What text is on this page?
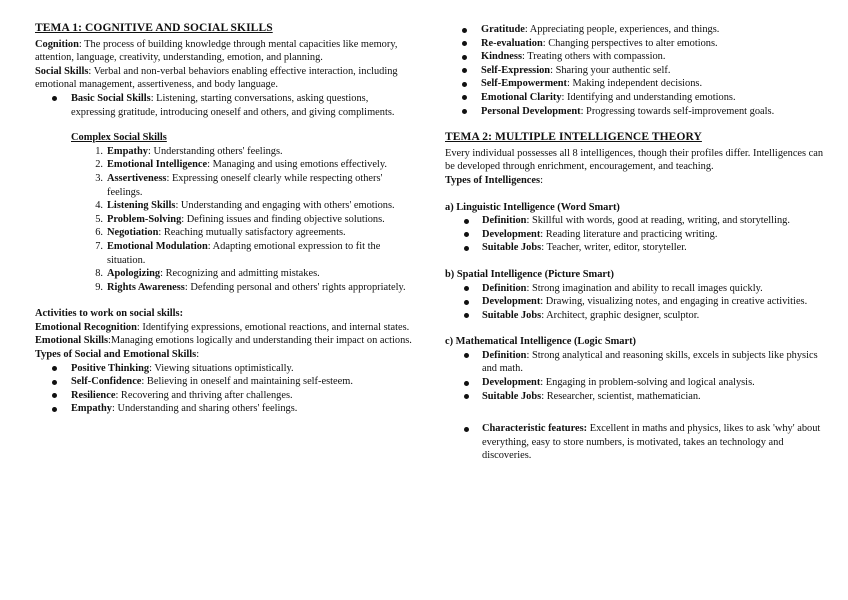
TEMA 1: COGNITIVE AND SOCIAL SKILLS

Cognition: The process of building knowledge through mental capacities like memory, attention, language, creativity, understanding, emotion, and planning.

Social Skills: Verbal and non-verbal behaviors enabling effective interaction, including emotional management, assertiveness, and body language.

Basic Social Skills: Listening, starting conversations, asking questions, expressing gratitude, introducing oneself and others, and giving compliments.
Complex Social Skills
1. Empathy: Understanding others' feelings.
2. Emotional Intelligence: Managing and using emotions effectively.
3. Assertiveness: Expressing oneself clearly while respecting others' feelings.
4. Listening Skills: Understanding and engaging with others' emotions.
5. Problem-Solving: Defining issues and finding objective solutions.
6. Negotiation: Reaching mutually satisfactory agreements.
7. Emotional Modulation: Adapting emotional expression to fit the situation.
8. Apologizing: Recognizing and admitting mistakes.
9. Rights Awareness: Defending personal and others' rights appropriately.
Activities to work on social skills:

Emotional Recognition: Identifying expressions, emotional reactions, and internal states.

Emotional Skills:Managing emotions logically and understanding their impact on actions.

Types of Social and Emotional Skills:

Positive Thinking: Viewing situations optimistically.
Self-Confidence: Believing in oneself and maintaining self-esteem.
Resilience: Recovering and thriving after challenges.
Empathy: Understanding and sharing others' feelings.
Gratitude: Appreciating people, experiences, and things.
Re-evaluation: Changing perspectives to alter emotions.
Kindness: Treating others with compassion.
Self-Expression: Sharing your authentic self.
Self-Empowerment: Making independent decisions.
Emotional Clarity: Identifying and understanding emotions.
Personal Development: Progressing towards self-improvement goals.
TEMA 2: MULTIPLE INTELLIGENCE THEORY

Every individual possesses all 8 intelligences, though their profiles differ. Intelligences can be developed through enrichment, encouragement, and teaching.

Types of Intelligences:

a) Linguistic Intelligence (Word Smart)
Definition: Skillful with words, good at reading, writing, and storytelling.
Development: Reading literature and practicing writing.
Suitable Jobs: Teacher, writer, editor, storyteller.
b) Spatial Intelligence (Picture Smart)
Definition: Strong imagination and ability to recall images quickly.
Development: Drawing, visualizing notes, and engaging in creative activities.
Suitable Jobs: Architect, graphic designer, sculptor.
c) Mathematical Intelligence (Logic Smart)
Definition: Strong analytical and reasoning skills, excels in subjects like physics and math.
Development: Engaging in problem-solving and logical analysis.
Suitable Jobs: Researcher, scientist, mathematician.
Characteristic features: Excellent in maths and physics, likes to ask 'why' about everything, easy to store numbers, is motivated, takes an technology and discoveries.
